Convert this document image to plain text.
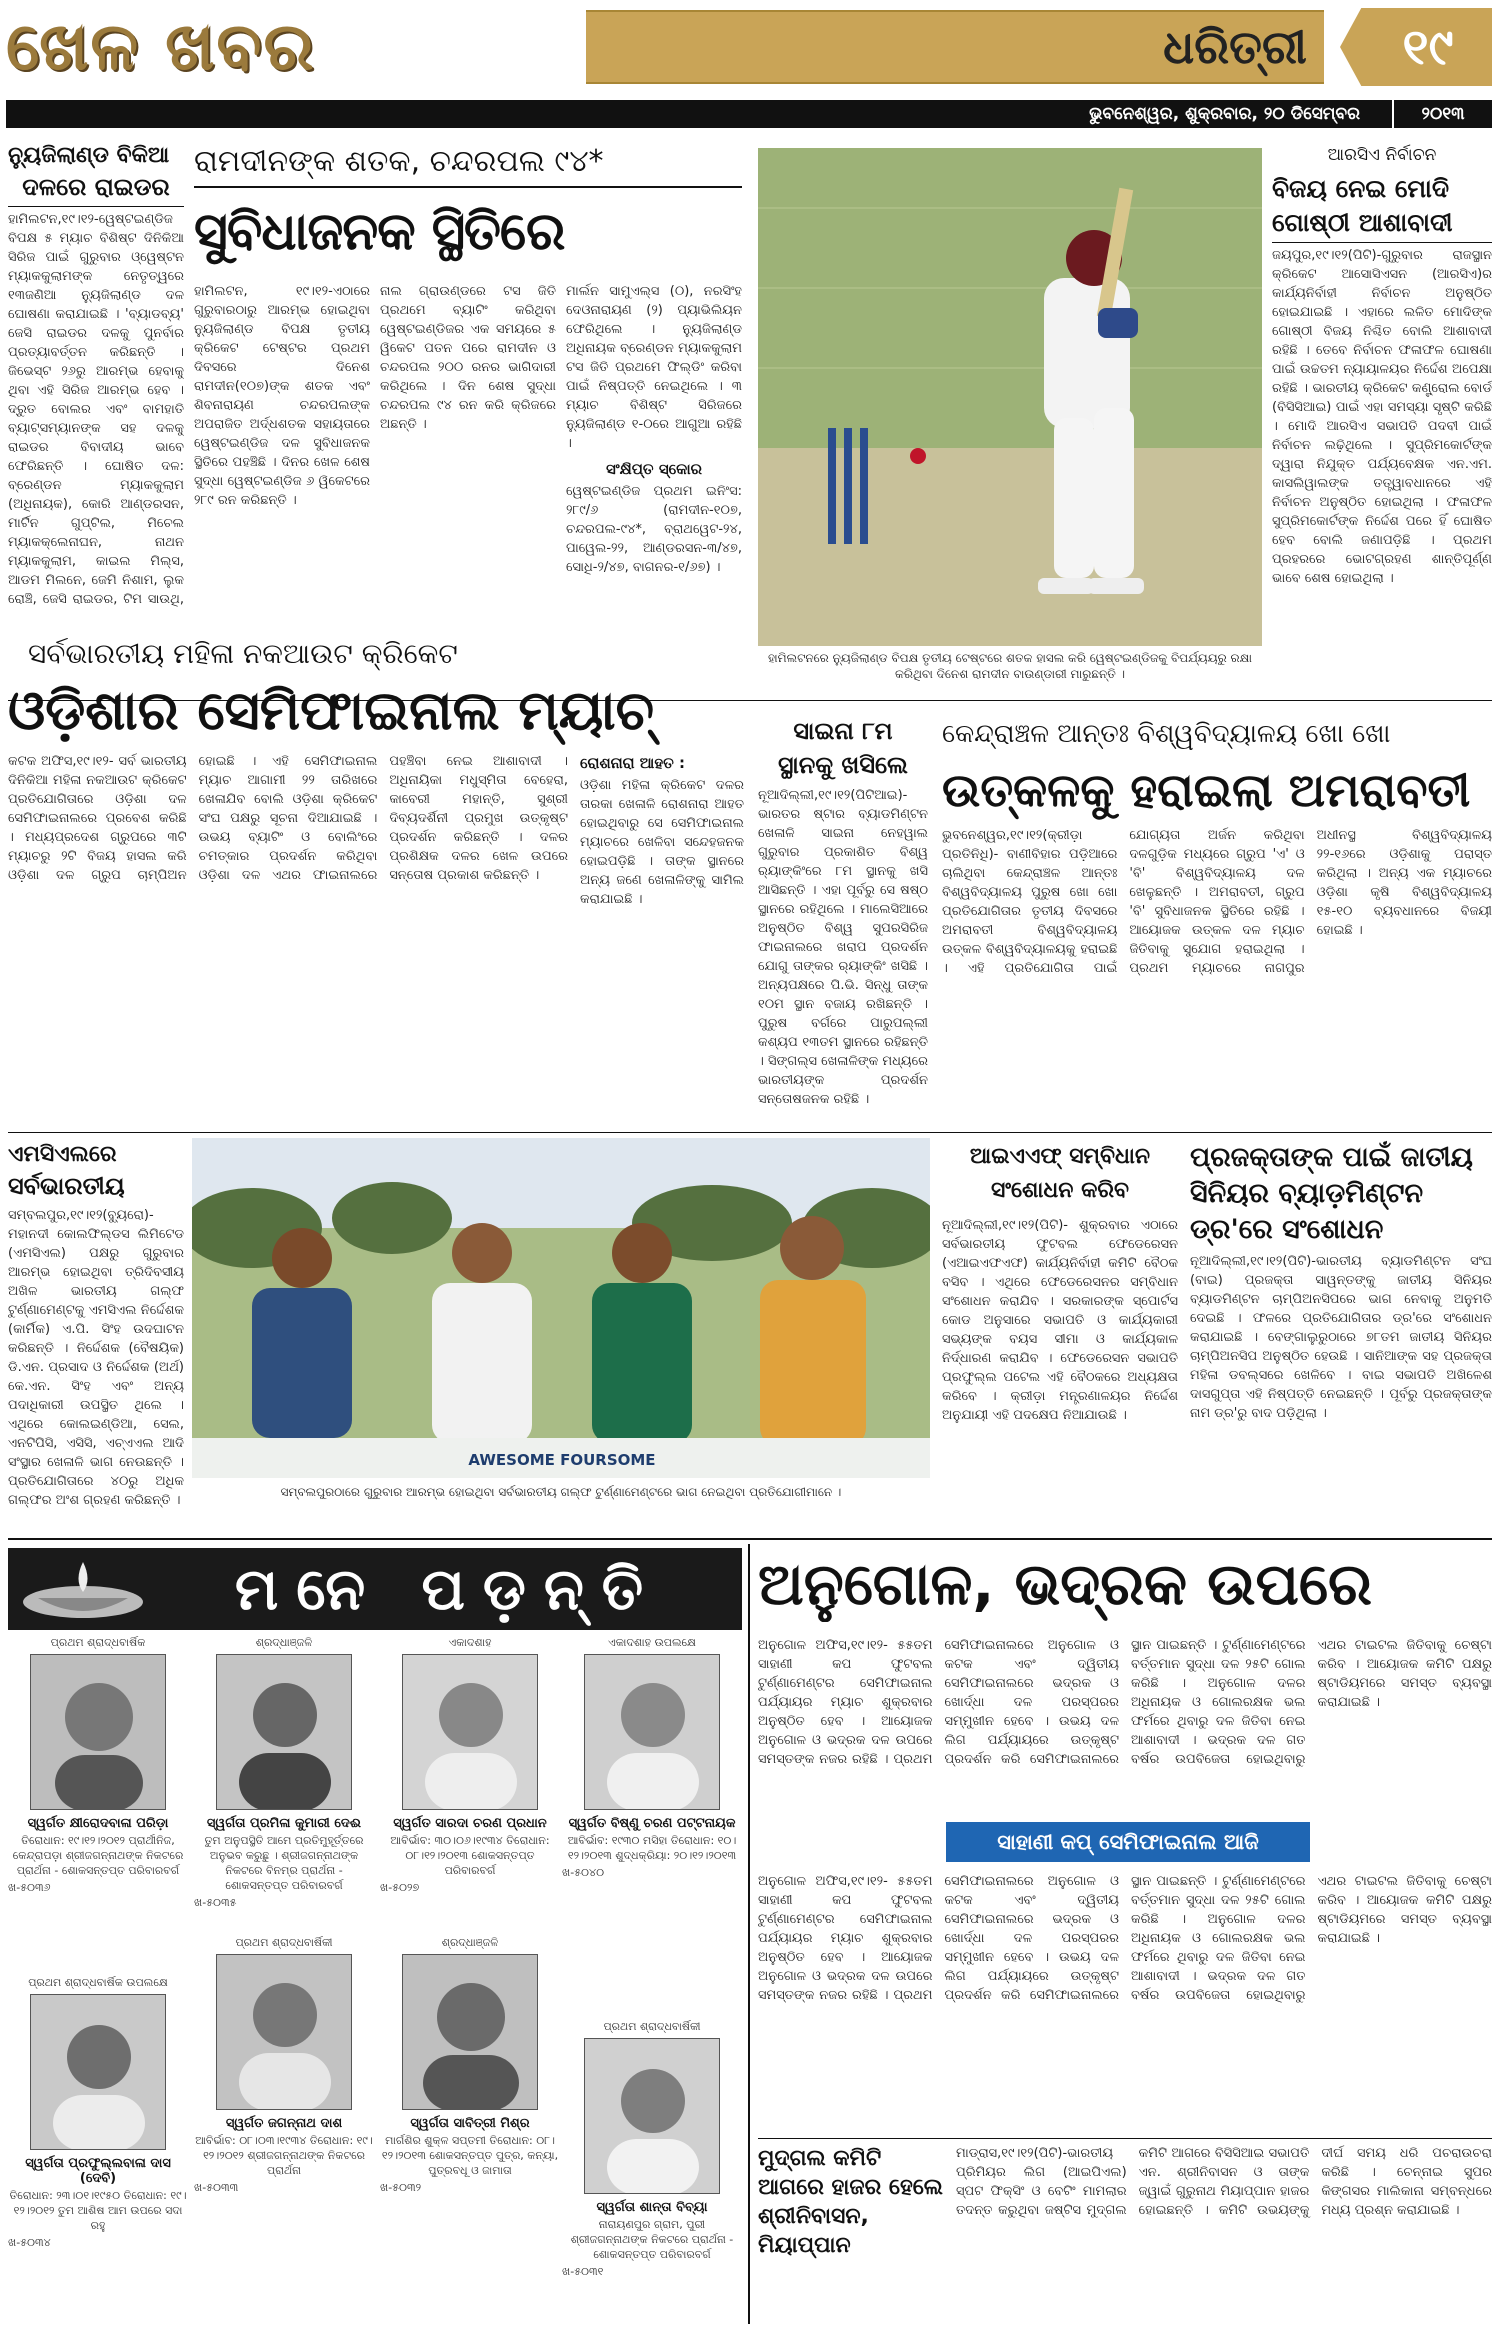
ଖେଳ ଖବର	ଧରିତ୍ରୀ	୧୯
ଭୁବନେଶ୍ୱର, ଶୁକ୍ରବାର, ୨୦ ଡିସେମ୍ବର	୨୦୧୩
ନ୍ୟୁଜିଲାଣ୍ଡ ବିକିଆ
ଦଳରେ ରାଇଡର
ହାମିଲଟନ,୧୯।୧୨-ୱେଷ୍ଟଇଣ୍ଡିଜ ବିପକ୍ଷ ୫ ମ୍ୟାଚ ବିଶିଷ୍ଟ ଦିନିକିଆ ସିରିଜ ପାଇଁ ଗୁରୁବାର ଓ୍ୱେଷ୍ଟନ ମ୍ୟାକକୁଲାମଙ୍କ ନେତୃତ୍ୱରେ ୧୩ଜଣିଆ ନ୍ୟୁଜିଲାଣ୍ଡ ଦଳ ଘୋଷଣା କରାଯାଇଛି । 'ବ୍ୟାଡବ୍ୟ' ଜେସି ରାଇଡର ଦଳକୁ ପୁନର୍ବାର ପ୍ରତ୍ୟାବର୍ତ୍ତନ କରିଛନ୍ତି । ଜିଭେସ୍ଟ ୨୬ରୁ ଆରମ୍ଭ ହେବାକୁ ଥିବା ଏହି ସିରିଜ ଆରମ୍ଭ ହେବ । ଦ୍ରୁତ ବୋଲର ଏବଂ ବାମହାତି ବ୍ୟାଟ୍ସମ୍ୟାନଙ୍କ ସହ ଦଳକୁ ରାଇଡର ବିବାଦୀୟ ଭାବେ ଫେରିଛନ୍ତି । ଘୋଷିତ ଦଳ: ବ୍ରେଣ୍ଡନ ମ୍ୟାକକୁଲାମ (ଅଧିନାୟକ), କୋରି ଆଣ୍ଡରସନ, ମାର୍ଟିନ ଗୁପ୍ଟିଲ, ମିଚେଲ ମ୍ୟାକକ୍ଲେନାଘନ, ନାଥନ ମ୍ୟାକକୁଲାମ, କାଇଲ ମିଲ୍ସ, ଆଡମ ମିଲନେ, ଜେମି ନିଶାମ, ଲୁକ ରୋଞ୍ଚି, ଜେସି ରାଇଡର, ଟିମ ସାଉଥି,
ରାମଦୀନଙ୍କ ଶତକ, ଚନ୍ଦରପଲ ୯୪*
ସୁବିଧାଜନକ ସ୍ଥିତିରେ
ହାମିଲଟନ, ୧୯।୧୨-ଏଠାରେ ଗୁରୁବାରଠାରୁ ଆରମ୍ଭ ହୋଇଥିବା ନ୍ୟୁଜିଲାଣ୍ଡ ବିପକ୍ଷ ତୃତୀୟ କ୍ରିକେଟ ଟେଷ୍ଟର ପ୍ରଥମ ଦିବସରେ ଦିନେଶ ରାମଦୀନ(୧୦୭)ଙ୍କ ଶତକ ଏବଂ ଶିବନାରାୟଣ ଚନ୍ଦରପଲଙ୍କ ଅପରାଜିତ ଅର୍ଦ୍ଧଶତକ ସହାୟତାରେ ୱେଷ୍ଟଇଣ୍ଡିଜ ଦଳ ସୁବିଧାଜନକ ସ୍ଥିତିରେ ପହଞ୍ଚିଛି । ଦିନର ଖେଳ ଶେଷ ସୁଦ୍ଧା ୱେଷ୍ଟଇଣ୍ଡିଜ ୬ ୱିକେଟରେ ୨୮୯ ରନ କରିଛନ୍ତି ।
ନାଲ ଗ୍ରାଉଣ୍ଡରେ ଟସ ଜିତି ପ୍ରଥମେ ବ୍ୟାଟିଂ କରିଥିବା ୱେଷ୍ଟଇଣ୍ଡିଜର ଏକ ସମୟରେ ୫ ୱିକେଟ ପତନ ପରେ ରାମଦୀନ ଓ ଚନ୍ଦରପଲ ୨୦୦ ରନର ଭାଗିଦାରୀ କରିଥିଲେ । ଦିନ ଶେଷ ସୁଦ୍ଧା ଚନ୍ଦରପଲ ୯୪ ରନ କରି କ୍ରିଜରେ ଅଛନ୍ତି ।
ମାର୍ଲନ ସାମୁଏଲ୍ସ (୦), ନରସିଂହ ଦେଓନାରାୟଣ (୨) ପ୍ୟାଭିଲିୟନ ଫେରିଥିଲେ । ନ୍ୟୁଜିଲାଣ୍ଡ ଅଧିନାୟକ ବ୍ରେଣ୍ଡନ ମ୍ୟାକକୁଲାମ ଟସ ଜିତି ପ୍ରଥମେ ଫିଲ୍ଡିଂ କରିବା ପାଇଁ ନିଷ୍ପତ୍ତି ନେଇଥିଲେ । ୩ ମ୍ୟାଚ ବିଶିଷ୍ଟ ସିରିଜରେ ନ୍ୟୁଜିଲାଣ୍ଡ ୧-୦ରେ ଆଗୁଆ ରହିଛି ।
ସଂକ୍ଷିପ୍ତ ସ୍କୋର
ୱେଷ୍ଟଇଣ୍ଡିଜ ପ୍ରଥମ ଇନିଂସ: ୨୮୯/୬ (ରାମଦୀନ-୧୦୭, ଚନ୍ଦରପଲ-୯୪*, ବ୍ରାଥୱେଟ-୨୪, ପାୱେଲ-୨୨, ଆଣ୍ଡରସନ-୩/୪୭, ସୋଧି-୨/୪୭, ବାଗନର-୧/୬୭) ।
ହାମିଲଟନରେ ନ୍ୟୁଜିଲାଣ୍ଡ ବିପକ୍ଷ ତୃତୀୟ ଟେଷ୍ଟରେ ଶତକ ହାସଲ କରି ୱେଷ୍ଟଇଣ୍ଡିଜକୁ ବିପର୍ଯ୍ୟୟରୁ ରକ୍ଷା କରିଥିବା ଦିନେଶ ରାମଦୀନ ବାଉଣ୍ଡାରୀ ମାରୁଛନ୍ତି ।
ଆରସିଏ ନିର୍ବାଚନ
ବିଜୟ ନେଇ ମୋଦି ଗୋଷ୍ଠୀ ଆଶାବାଦୀ
ଜୟପୁର,୧୯।୧୨(ପିଟି)-ଗୁରୁବାର ରାଜସ୍ଥାନ କ୍ରିକେଟ ଆସୋସିଏସନ (ଆରସିଏ)ର କାର୍ଯ୍ୟନିର୍ବାହୀ ନିର୍ବାଚନ ଅନୁଷ୍ଠିତ ହୋଇଯାଇଛି । ଏହାରେ ଲଳିତ ମୋଦିଙ୍କ ଗୋଷ୍ଠୀ ବିଜୟ ନିଶ୍ଚିତ ବୋଲି ଆଶାବାଦୀ ରହିଛି । ତେବେ ନିର୍ବାଚନ ଫଳାଫଳ ଘୋଷଣା ପାଇଁ ଉଚ୍ଚତମ ନ୍ୟାୟାଳୟର ନିର୍ଦ୍ଦେଶ ଅପେକ୍ଷା ରହିଛି । ଭାରତୀୟ କ୍ରିକେଟ କଣ୍ଟ୍ରୋଲ ବୋର୍ଡ (ବିସିସିଆଇ) ପାଇଁ ଏହା ସମସ୍ୟା ସୃଷ୍ଟି କରିଛି । ମୋଦି ଆରସିଏ ସଭାପତି ପଦବୀ ପାଇଁ ନିର୍ବାଚନ ଲଢ଼ିଥିଲେ । ସୁପ୍ରିମକୋର୍ଟଙ୍କ ଦ୍ୱାରା ନିଯୁକ୍ତ ପର୍ଯ୍ୟବେକ୍ଷକ ଏନ.ଏମ. କାସଲିୱାଲଙ୍କ ତତ୍ତ୍ୱାବଧାନରେ ଏହି ନିର୍ବାଚନ ଅନୁଷ୍ଠିତ ହୋଇଥିଲା । ଫଳାଫଳ ସୁପ୍ରିମକୋର୍ଟଙ୍କ ନିର୍ଦ୍ଦେଶ ପରେ ହିଁ ଘୋଷିତ ହେବ ବୋଲି ଜଣାପଡ଼ିଛି । ପ୍ରଥମ ପ୍ରହରରେ ଭୋଟଗ୍ରହଣ ଶାନ୍ତିପୂର୍ଣ୍ଣ ଭାବେ ଶେଷ ହୋଇଥିଲା ।
ସର୍ବଭାରତୀୟ ମହିଳା ନକଆଉଟ କ୍ରିକେଟ
ଓଡ଼ିଶାର ସେମିଫାଇନାଲ ମ୍ୟାଚ୍
କଟକ ଅଫିସ,୧୯।୧୨- ସର୍ବ ଭାରତୀୟ ଦିନିକିଆ ମହିଳା ନକଆଉଟ କ୍ରିକେଟ ପ୍ରତିଯୋଗିତାରେ ଓଡ଼ିଶା ଦଳ ସେମିଫାଇନାଲରେ ପ୍ରବେଶ କରିଛି । ମଧ୍ୟପ୍ରଦେଶ ଗ୍ରୁପରେ ୩ଟି ମ୍ୟାଚରୁ ୨ଟି ବିଜୟ ହାସଲ କରି ଓଡ଼ିଶା ଦଳ ଗ୍ରୁପ ଚାମ୍ପିଅନ ହୋଇଛି । ଏହି ସେମିଫାଇନାଲ ମ୍ୟାଚ ଆଗାମୀ ୨୨ ତାରିଖରେ ଖେଳାଯିବ ବୋଲି ଓଡ଼ିଶା କ୍ରିକେଟ ସଂଘ ପକ୍ଷରୁ ସୂଚନା ଦିଆଯାଇଛି । ଉଭୟ ବ୍ୟାଟିଂ ଓ ବୋଲିଂରେ ଚମତ୍କାର ପ୍ରଦର୍ଶନ କରିଥିବା ଓଡ଼ିଶା ଦଳ ଏଥର ଫାଇନାଲରେ ପହଞ୍ଚିବା ନେଇ ଆଶାବାଦୀ । ଅଧିନାୟିକା ମଧୁସ୍ମିତା ବେହେରା, କାବେରୀ ମହାନ୍ତି, ସୁଶ୍ରୀ ଦିବ୍ୟଦର୍ଶିନୀ ପ୍ରମୁଖ ଉତ୍କୃଷ୍ଟ ପ୍ରଦର୍ଶନ କରିଛନ୍ତି । ଦଳର ପ୍ରଶିକ୍ଷକ ଦଳର ଖେଳ ଉପରେ ସନ୍ତୋଷ ପ୍ରକାଶ କରିଛନ୍ତି ।
ରୋଶନାରା ଆହତ :
ଓଡ଼ିଶା ମହିଳା କ୍ରିକେଟ ଦଳର ତାରକା ଖେଳାଳି ରୋଶନାରା ଆହତ ହୋଇଥିବାରୁ ସେ ସେମିଫାଇନାଲ ମ୍ୟାଚରେ ଖେଳିବା ସନ୍ଦେହଜନକ ହୋଇପଡ଼ିଛି । ତାଙ୍କ ସ୍ଥାନରେ ଅନ୍ୟ ଜଣେ ଖେଳାଳିଙ୍କୁ ସାମିଲ କରାଯାଇଛି ।
ସାଇନା ୮ମ
ସ୍ଥାନକୁ ଖସିଲେ
ନୂଆଦିଲ୍ଲୀ,୧୯।୧୨(ପିଟିଆଇ)- ଭାରତର ଷ୍ଟାର ବ୍ୟାଡମିଣ୍ଟନ ଖେଳାଳି ସାଇନା ନେହୱାଲ ଗୁରୁବାର ପ୍ରକାଶିତ ବିଶ୍ୱ ର‍୍ୟାଙ୍କିଂରେ ୮ମ ସ୍ଥାନକୁ ଖସି ଆସିଛନ୍ତି । ଏହା ପୂର୍ବରୁ ସେ ଷଷ୍ଠ ସ୍ଥାନରେ ରହିଥିଲେ । ମାଲେସିଆରେ ଅନୁଷ୍ଠିତ ବିଶ୍ୱ ସୁପରସିରିଜ ଫାଇନାଲରେ ଖରାପ ପ୍ରଦର୍ଶନ ଯୋଗୁ ତାଙ୍କର ର‍୍ୟାଙ୍କିଂ ଖସିଛି । ଅନ୍ୟପକ୍ଷରେ ପି.ଭି. ସିନ୍ଧୁ ତାଙ୍କ ୧୦ମ ସ୍ଥାନ ବଜାୟ ରଖିଛନ୍ତି । ପୁରୁଷ ବର୍ଗରେ ପାରୁପଲ୍ଲୀ କଶ୍ୟପ ୧୩ତମ ସ୍ଥାନରେ ରହିଛନ୍ତି । ସିଙ୍ଗଲ୍ସ ଖେଳାଳିଙ୍କ ମଧ୍ୟରେ ଭାରତୀୟଙ୍କ ପ୍ରଦର୍ଶନ ସନ୍ତୋଷଜନକ ରହିଛି ।
କେନ୍ଦ୍ରାଞ୍ଚଳ ଆନ୍ତଃ ବିଶ୍ୱବିଦ୍ୟାଳୟ ଖୋ ଖୋ
ଉତ୍କଳକୁ ହରାଇଲା ଅମରାବତୀ
ଭୁବନେଶ୍ୱର,୧୯।୧୨(କ୍ରୀଡ଼ା ପ୍ରତିନିଧି)- ବାଣୀବିହାର ପଡ଼ିଆରେ ଚାଲିଥିବା କେନ୍ଦ୍ରାଞ୍ଚଳ ଆନ୍ତଃ ବିଶ୍ୱବିଦ୍ୟାଳୟ ପୁରୁଷ ଖୋ ଖୋ ପ୍ରତିଯୋଗିତାର ତୃତୀୟ ଦିବସରେ ଅମରାବତୀ ବିଶ୍ୱବିଦ୍ୟାଳୟ ଉତ୍କଳ ବିଶ୍ୱବିଦ୍ୟାଳୟକୁ ହରାଇଛି । ଏହି ପ୍ରତିଯୋଗିତା ପାଇଁ ଯୋଗ୍ୟତା ଅର୍ଜନ କରିଥିବା ଦଳଗୁଡ଼ିକ ମଧ୍ୟରେ ଗ୍ରୁପ 'ଏ' ଓ 'ବି' ବିଶ୍ୱବିଦ୍ୟାଳୟ ଦଳ ଖେଳୁଛନ୍ତି । ଅମରାବତୀ, ଗ୍ରୁପ 'ବି' ସୁବିଧାଜନକ ସ୍ଥିତିରେ ରହିଛି । ଆୟୋଜକ ଉତ୍କଳ ଦଳ ମ୍ୟାଚ ଜିତିବାକୁ ସୁଯୋଗ ହରାଇଥିଲା । ପ୍ରଥମ ମ୍ୟାଚରେ ନାଗପୁର ଅଧୀନସ୍ଥ ବିଶ୍ୱବିଦ୍ୟାଳୟ ୨୨-୧୬ରେ ଓଡ଼ିଶାକୁ ପରାସ୍ତ କରିଥିଲା । ଅନ୍ୟ ଏକ ମ୍ୟାଚରେ ଓଡ଼ିଶା କୃଷି ବିଶ୍ୱବିଦ୍ୟାଳୟ ୧୫-୧୦ ବ୍ୟବଧାନରେ ବିଜୟୀ ହୋଇଛି ।
ଏମସିଏଲରେ
ସର୍ବଭାରତୀୟ
ସମ୍ବଲପୁର,୧୯।୧୨(ବ୍ୟୁରୋ)- ମହାନଦୀ କୋଲଫିଲ୍ଡସ ଲିମିଟେଡ (ଏମସିଏଲ) ପକ୍ଷରୁ ଗୁରୁବାର ଆରମ୍ଭ ହୋଇଥିବା ତ୍ରିଦିବସୀୟ ଅଖିଳ ଭାରତୀୟ ଗଲ୍ଫ ଟୁର୍ଣ୍ଣାମେଣ୍ଟକୁ ଏମସିଏଲ ନିର୍ଦ୍ଦେଶକ (କାର୍ମିକ) ଏ.ପି. ସିଂହ ଉଦଘାଟନ କରିଛନ୍ତି । ନିର୍ଦ୍ଦେଶକ (ବୈଷୟିକ) ଡି.ଏନ. ପ୍ରସାଦ ଓ ନିର୍ଦ୍ଦେଶକ (ଅର୍ଥ) କେ.ଏନ. ସିଂହ ଏବଂ ଅନ୍ୟ ପଦାଧିକାରୀ ଉପସ୍ଥିତ ଥିଲେ । ଏଥିରେ କୋଲଇଣ୍ଡିଆ, ସେଲ, ଏନଟିପିସି, ଏସିସି, ଏଚ୍ଏଏଲ ଆଦି ସଂସ୍ଥାର ଖେଳାଳି ଭାଗ ନେଉଛନ୍ତି । ପ୍ରତିଯୋଗିତାରେ ୪୦ରୁ ଅଧିକ ଗଲ୍ଫର ଅଂଶ ଗ୍ରହଣ କରିଛନ୍ତି ।
AWESOME FOURSOME
ସମ୍ବଲପୁରଠାରେ ଗୁରୁବାର ଆରମ୍ଭ ହୋଇଥିବା ସର୍ବଭାରତୀୟ ଗଲ୍ଫ ଟୁର୍ଣ୍ଣାମେଣ୍ଟରେ ଭାଗ ନେଇଥିବା ପ୍ରତିଯୋଗୀମାନେ ।
ଆଇଏଏଫ୍ ସମ୍ବିଧାନ ସଂଶୋଧନ କରିବ
ନୂଆଦିଲ୍ଲୀ,୧୯।୧୨(ପିଟି)- ଶୁକ୍ରବାର ଏଠାରେ ସର୍ବଭାରତୀୟ ଫୁଟବଲ ଫେଡେରେସନ (ଏଆଇଏଫଏଫ) କାର୍ଯ୍ୟନିର୍ବାହୀ କମିଟି ବୈଠକ ବସିବ । ଏଥିରେ ଫେଡେରେସନର ସମ୍ବିଧାନ ସଂଶୋଧନ କରାଯିବ । ସରକାରଙ୍କ ସ୍ପୋର୍ଟସ କୋଡ ଅନୁସାରେ ସଭାପତି ଓ କାର୍ଯ୍ୟକାରୀ ସଭ୍ୟଙ୍କ ବୟସ ସୀମା ଓ କାର୍ଯ୍ୟକାଳ ନିର୍ଦ୍ଧାରଣ କରାଯିବ । ଫେଡେରେସନ ସଭାପତି ପ୍ରଫୁଲ୍ଲ ପଟେଲ ଏହି ବୈଠକରେ ଅଧ୍ୟକ୍ଷତା କରିବେ । କ୍ରୀଡ଼ା ମନ୍ତ୍ରଣାଳୟର ନିର୍ଦ୍ଦେଶ ଅନୁଯାୟୀ ଏହି ପଦକ୍ଷେପ ନିଆଯାଉଛି ।
ପ୍ରଜକ୍ତାଙ୍କ ପାଇଁ ଜାତୀୟ ସିନିୟର ବ୍ୟାଡ଼ମିଣ୍ଟନ ଡ୍ର'ରେ ସଂଶୋଧନ
ନୂଆଦିଲ୍ଲୀ,୧୯।୧୨(ପିଟି)-ଭାରତୀୟ ବ୍ୟାଡମିଣ୍ଟନ ସଂଘ (ବାଇ) ପ୍ରଜକ୍ତା ସାୱନ୍ତଙ୍କୁ ଜାତୀୟ ସିନିୟର ବ୍ୟାଡମିଣ୍ଟନ ଚାମ୍ପିଅନସିପରେ ଭାଗ ନେବାକୁ ଅନୁମତି ଦେଇଛି । ଫଳରେ ପ୍ରତିଯୋଗିତାର ଡ୍ର'ରେ ସଂଶୋଧନ କରାଯାଇଛି । ବେଙ୍ଗାଲୁରୁଠାରେ ୭୮ତମ ଜାତୀୟ ସିନିୟର ଚାମ୍ପିଅନସିପ ଅନୁଷ୍ଠିତ ହେଉଛି । ସାନିଆଙ୍କ ସହ ପ୍ରଜକ୍ତା ମହିଳା ଡବଲ୍ସରେ ଖେଳିବେ । ବାଇ ସଭାପତି ଅଖିଳେଶ ଦାସଗୁପ୍ତା ଏହି ନିଷ୍ପତ୍ତି ନେଇଛନ୍ତି । ପୂର୍ବରୁ ପ୍ରଜକ୍ତାଙ୍କ ନାମ ଡ୍ର'ରୁ ବାଦ ପଡ଼ିଥିଲା ।
ମନେ ପଡ଼ନ୍ତି
ପ୍ରଥମ ଶ୍ରାଦ୍ଧବାର୍ଷିକ
ସ୍ୱର୍ଗତ କ୍ଷୀରୋଦବାଳା ପରିଡ଼ା
ତିରୋଧାନ: ୧୯।୧୨।୨୦୧୨ ପ୍ରାର୍ଥୀନିଜ, କେନ୍ଦ୍ରାପଡ଼ା ଶ୍ରୀଜଗନ୍ନାଥଙ୍କ ନିକଟରେ ପ୍ରାର୍ଥନା - ଶୋକସନ୍ତପ୍ତ ପରିବାରବର୍ଗ
ଖ-୫୦୩୬
ଶ୍ରଦ୍ଧାଞ୍ଜଳି
ସ୍ୱର୍ଗତା ପ୍ରମିଳା କୁମାରୀ ଦେଈ
ତୁମ ଅନୁପସ୍ଥିତି ଆମେ ପ୍ରତିମୁହୂର୍ତ୍ତରେ ଅନୁଭବ କରୁଛୁ । ଶ୍ରୀଜଗନ୍ନାଥଙ୍କ ନିକଟରେ ବିନମ୍ର ପ୍ରାର୍ଥନା - ଶୋକସନ୍ତପ୍ତ ପରିବାରବର୍ଗ
ଖ-୫୦୩୫
ଏକାଦଶାହ
ସ୍ୱର୍ଗତ ସାରଦା ଚରଣ ପ୍ରଧାନ
ଆବିର୍ଭାବ: ୩୦।୦୬।୧୯୩୪ ତିରୋଧାନ: ୦୮।୧୨।୨୦୧୩ ଶୋକସନ୍ତପ୍ତ ପରିବାରବର୍ଗ
ଖ-୫୦୨୭
ଏକାଦଶାହ ଉପଲକ୍ଷେ
ସ୍ୱର୍ଗତ ବିଷ୍ଣୁ ଚରଣ ପଟ୍ଟନାୟକ
ଆବିର୍ଭାବ: ୧୯୩୦ ମସିହା ତିରୋଧାନ: ୧୦।୧୨।୨୦୧୩ ଶୁଦ୍ଧକ୍ରିୟା: ୨୦।୧୨।୨୦୧୩
ଖ-୫୦୪୦
ପ୍ରଥମ ଶ୍ରାଦ୍ଧବାର୍ଷିକ ଉପଲକ୍ଷେ
ସ୍ୱର୍ଗତା ପ୍ରଫୁଲ୍ଲବାଳା ଦାସ (ଦେବି)
ତିରୋଧାନ: ୨୩।୦୧।୧୯୫୦ ତିରୋଧାନ: ୧୯।୧୨।୨୦୧୨ ତୁମ ଆଶିଷ ଆମ ଉପରେ ସଦା ରହୁ
ଖ-୫୦୩୪
ପ୍ରଥମ ଶ୍ରାଦ୍ଧବାର୍ଷିକୀ
ସ୍ୱର୍ଗତ ଜଗନ୍ନାଥ ଦାଶ
ଆବିର୍ଭାବ: ୦୮।୦୩।୧୯୩୪ ତିରୋଧାନ: ୧୯।୧୨।୨୦୧୨ ଶ୍ରୀଜଗନ୍ନାଥଙ୍କ ନିକଟରେ ପ୍ରାର୍ଥନା
ଖ-୫୦୩୩
ଶ୍ରଦ୍ଧାଞ୍ଜଳି
ସ୍ୱର୍ଗତା ସାବିତ୍ରୀ ମିଶ୍ର
ମାର୍ଗଶିର ଶୁକ୍ଳ ସପ୍ତମୀ ତିରୋଧାନ: ୦୮।୧୨।୨୦୧୩ ଶୋକସନ୍ତପ୍ତ ପୁତ୍ର, କନ୍ୟା, ପୁତ୍ରବଧୂ ଓ ଜାମାତା
ଖ-୫୦୩୨
ପ୍ରଥମ ଶ୍ରାଦ୍ଧବାର୍ଷିକୀ
ସ୍ୱର୍ଗତା ଶାନ୍ତା ବିବ୍ୟା
ନାରାୟଣପୁର ଗ୍ରାମ, ପୁରୀ ଶ୍ରୀଜଗନ୍ନାଥଙ୍କ ନିକଟରେ ପ୍ରାର୍ଥନା - ଶୋକସନ୍ତପ୍ତ ପରିବାରବର୍ଗ
ଖ-୫୦୩୧
ଅନୁଗୋଳ, ଭଦ୍ରକ ଉପରେ
ଅନୁଗୋଳ ଅଫିସ,୧୯।୧୨- ୫୫ତମ ସାହାଣୀ କପ ଫୁଟବଲ ଟୁର୍ଣ୍ଣାମେଣ୍ଟର ସେମିଫାଇନାଲ ପର୍ଯ୍ୟାୟର ମ୍ୟାଚ ଶୁକ୍ରବାର ଅନୁଷ୍ଠିତ ହେବ । ଆୟୋଜକ ଅନୁଗୋଳ ଓ ଭଦ୍ରକ ଦଳ ଉପରେ ସମସ୍ତଙ୍କ ନଜର ରହିଛି । ପ୍ରଥମ ସେମିଫାଇନାଲରେ ଅନୁଗୋଳ ଓ କଟକ ଏବଂ ଦ୍ୱିତୀୟ ସେମିଫାଇନାଲରେ ଭଦ୍ରକ ଓ ଖୋର୍ଦ୍ଧା ଦଳ ପରସ୍ପରର ସମ୍ମୁଖୀନ ହେବେ । ଉଭୟ ଦଳ ଲିଗ ପର୍ଯ୍ୟାୟରେ ଉତ୍କୃଷ୍ଟ ପ୍ରଦର୍ଶନ କରି ସେମିଫାଇନାଲରେ ସ୍ଥାନ ପାଇଛନ୍ତି । ଟୁର୍ଣ୍ଣାମେଣ୍ଟରେ ବର୍ତ୍ତମାନ ସୁଦ୍ଧା ଦଳ ୨୫ଟି ଗୋଲ କରିଛି । ଅନୁଗୋଳ ଦଳର ଅଧିନାୟକ ଓ ଗୋଲରକ୍ଷକ ଭଲ ଫର୍ମରେ ଥିବାରୁ ଦଳ ଜିତିବା ନେଇ ଆଶାବାଦୀ । ଭଦ୍ରକ ଦଳ ଗତ ବର୍ଷର ଉପବିଜେତା ହୋଇଥିବାରୁ ଏଥର ଟାଇଟଲ ଜିତିବାକୁ ଚେଷ୍ଟା କରିବ । ଆୟୋଜକ କମିଟି ପକ୍ଷରୁ ଷ୍ଟାଡିୟମରେ ସମସ୍ତ ବ୍ୟବସ୍ଥା କରାଯାଇଛି ।
ସାହାଣୀ କପ୍ ସେମିଫାଇନାଲ ଆଜି
ଅନୁଗୋଳ ଅଫିସ,୧୯।୧୨- ୫୫ତମ ସାହାଣୀ କପ ଫୁଟବଲ ଟୁର୍ଣ୍ଣାମେଣ୍ଟର ସେମିଫାଇନାଲ ପର୍ଯ୍ୟାୟର ମ୍ୟାଚ ଶୁକ୍ରବାର ଅନୁଷ୍ଠିତ ହେବ । ଆୟୋଜକ ଅନୁଗୋଳ ଓ ଭଦ୍ରକ ଦଳ ଉପରେ ସମସ୍ତଙ୍କ ନଜର ରହିଛି । ପ୍ରଥମ ସେମିଫାଇନାଲରେ ଅନୁଗୋଳ ଓ କଟକ ଏବଂ ଦ୍ୱିତୀୟ ସେମିଫାଇନାଲରେ ଭଦ୍ରକ ଓ ଖୋର୍ଦ୍ଧା ଦଳ ପରସ୍ପରର ସମ୍ମୁଖୀନ ହେବେ । ଉଭୟ ଦଳ ଲିଗ ପର୍ଯ୍ୟାୟରେ ଉତ୍କୃଷ୍ଟ ପ୍ରଦର୍ଶନ କରି ସେମିଫାଇନାଲରେ ସ୍ଥାନ ପାଇଛନ୍ତି । ଟୁର୍ଣ୍ଣାମେଣ୍ଟରେ ବର୍ତ୍ତମାନ ସୁଦ୍ଧା ଦଳ ୨୫ଟି ଗୋଲ କରିଛି । ଅନୁଗୋଳ ଦଳର ଅଧିନାୟକ ଓ ଗୋଲରକ୍ଷକ ଭଲ ଫର୍ମରେ ଥିବାରୁ ଦଳ ଜିତିବା ନେଇ ଆଶାବାଦୀ । ଭଦ୍ରକ ଦଳ ଗତ ବର୍ଷର ଉପବିଜେତା ହୋଇଥିବାରୁ ଏଥର ଟାଇଟଲ ଜିତିବାକୁ ଚେଷ୍ଟା କରିବ । ଆୟୋଜକ କମିଟି ପକ୍ଷରୁ ଷ୍ଟାଡିୟମରେ ସମସ୍ତ ବ୍ୟବସ୍ଥା କରାଯାଇଛି ।
ମୁଦ୍ଗଲ କମିଟି ଆଗରେ ହାଜର ହେଲେ ଶ୍ରୀନିବାସନ, ମିୟାପ୍ପାନ
ମାଡ୍ରାସ,୧୯।୧୨(ପିଟି)-ଭାରତୀୟ ପ୍ରିମିୟର ଲିଗ (ଆଇପିଏଲ) ସ୍ପଟ ଫିକ୍ସିଂ ଓ ବେଟିଂ ମାମଲାର ତଦନ୍ତ କରୁଥିବା ଜଷ୍ଟିସ ମୁଦ୍ଗଲ କମିଟି ଆଗରେ ବିସିସିଆଇ ସଭାପତି ଏନ. ଶ୍ରୀନିବାସନ ଓ ତାଙ୍କ ଜ୍ୱାଇଁ ଗୁରୁନାଥ ମିୟାପ୍ପାନ ହାଜର ହୋଇଛନ୍ତି । କମିଟି ଉଭୟଙ୍କୁ ଦୀର୍ଘ ସମୟ ଧରି ପଚରାଉଚରା କରିଛି । ଚେନ୍ନାଇ ସୁପର କିଙ୍ଗସର ମାଲିକାନା ସମ୍ବନ୍ଧରେ ମଧ୍ୟ ପ୍ରଶ୍ନ କରାଯାଇଛି ।
